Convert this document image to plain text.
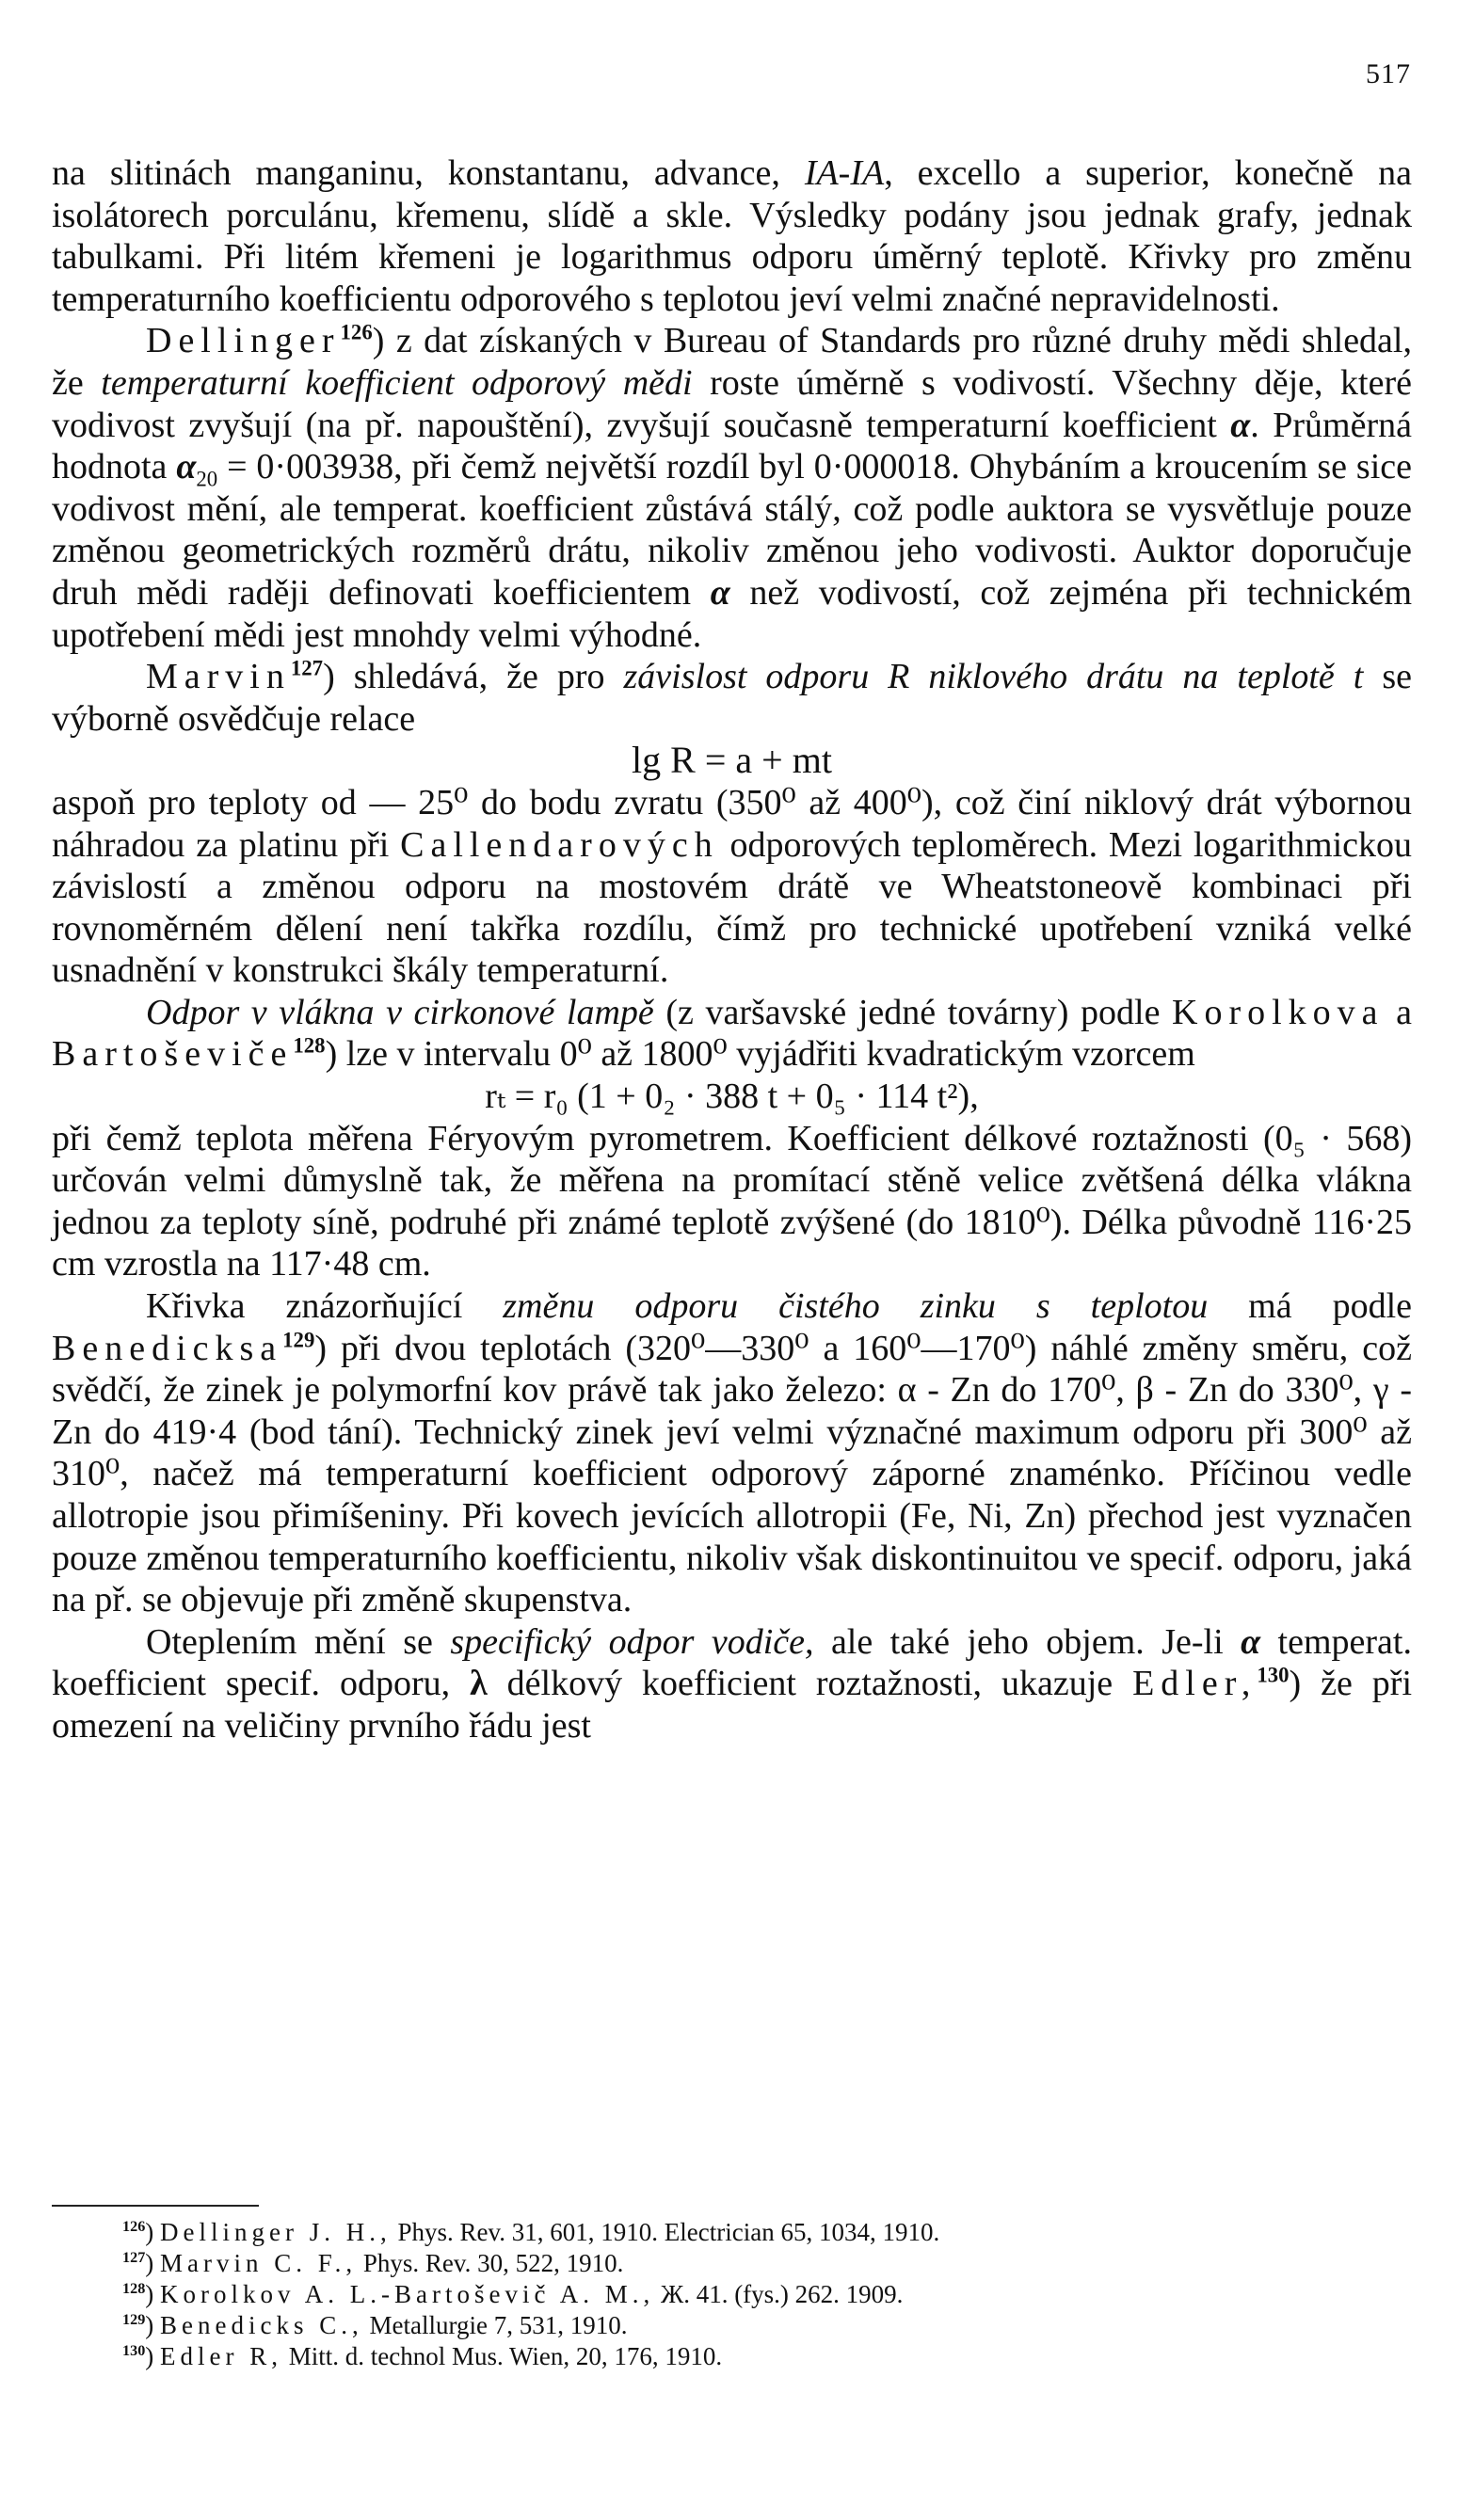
517

na slitinách manganinu, konstantanu, advance, IA-IA, excello a superior, konečně na isolátorech porculánu, křemenu, slídě a skle. Výsledky podány jsou jednak grafy, jednak tabulkami. Při litém křemeni je logarithmus odporu úměrný teplotě. Křivky pro změnu temperaturního koefficientu odporového s teplotou jeví velmi značné nepravidelnosti.

Dellinger$^{126}$) z dat získaných v Bureau of Standards pro různé druhy mědi shledal, že temperaturní koefficient odporový mědi roste úměrně s vodivostí. Všechny děje, které vodivost zvyšují (na př. napouštění), zvyšují současně temperaturní koefficient α. Průměrná hodnota $\alpha_{20} = 0\cdot 003938$, při čemž největší rozdíl byl 0·000018. Ohybáním a kroucením se sice vodivost mění, ale temperat. koefficient zůstává stálý, což podle auktora se vysvětluje pouze změnou geometrických rozměrů drátu, nikoliv změnou jeho vodivosti. Auktor doporučuje druh mědi raději definovati koefficientem α než vodivostí, což zejména při technickém upotřebení mědi jest mnohdy velmi výhodné.

Marvin$^{127}$) shledává, že pro závislost odporu R niklového drátu na teplotě t se výborně osvědčuje relace

lg R = a + mt

aspoň pro teploty od — 25⁰ do bodu zvratu (350⁰ až 400⁰), což činí niklový drát výbornou náhradou za platinu při Callendarových odporových teploměrech. Mezi logarithmickou závislostí a změnou odporu na mostovém drátě ve Wheatstoneově kombinaci při rovnoměrném dělení není takřka rozdílu, čímž pro technické upotřebení vzniká velké usnadnění v konstrukci škály temperaturní.

Odpor v vlákna v cirkonové lampě (z varšavské jedné továrny) podle Korolkova a Bartoševiče$^{128}$) lze v intervalu 0⁰ až 1800⁰ vyjádřiti kvadratickým vzorcem

rₜ = r₀ (1 + 0₂ · 388 t + 0₅ · 114 t²),

při čemž teplota měřena Féryovým pyrometrem. Koefficient délkové roztažnosti (0₅ · 568) určován velmi důmyslně tak, že měřena na promítací stěně velice zvětšená délka vlákna jednou za teploty síně, podruhé při známé teplotě zvýšené (do 1810⁰). Délka původně 116·25 cm vzrostla na 117·48 cm.

Křivka znázorňující změnu odporu čistého zinku s teplotou má podle Benedicksa$^{129}$) při dvou teplotách (320⁰—330⁰ a 160⁰—170⁰) náhlé změny směru, což svědčí, že zinek je polymorfní kov právě tak jako železo: α - Zn do 170⁰, β - Zn do 330⁰, γ - Zn do 419·4 (bod tání). Technický zinek jeví velmi význačné maximum odporu při 300⁰ až 310⁰, načež má temperaturní koefficient odporový záporné znaménko. Příčinou vedle allotropie jsou přimíšeniny. Při kovech jevících allotropii (Fe, Ni, Zn) přechod jest vyznačen pouze změnou temperaturního koefficientu, nikoliv však diskontinuitou ve specif. odporu, jaká na př. se objevuje při změně skupenstva.

Oteplením mění se specifický odpor vodiče, ale také jeho objem. Je-li α temperat. koefficient specif. odporu, λ délkový koefficient roztažnosti, ukazuje Edler,$^{130}$) že při omezení na veličiny prvního řádu jest

$^{126}$) Dellinger J. H., Phys. Rev. 31, 601, 1910. Electrician 65, 1034, 1910.
$^{127}$) Marvin C. F., Phys. Rev. 30, 522, 1910.
$^{128}$) Korolkov A. L.-Bartoševič A. M., Ж. 41. (fys.) 262. 1909.
$^{129}$) Benedicks C., Metallurgie 7, 531, 1910.
$^{130}$) Edler R, Mitt. d. technol Mus. Wien, 20, 176, 1910.
